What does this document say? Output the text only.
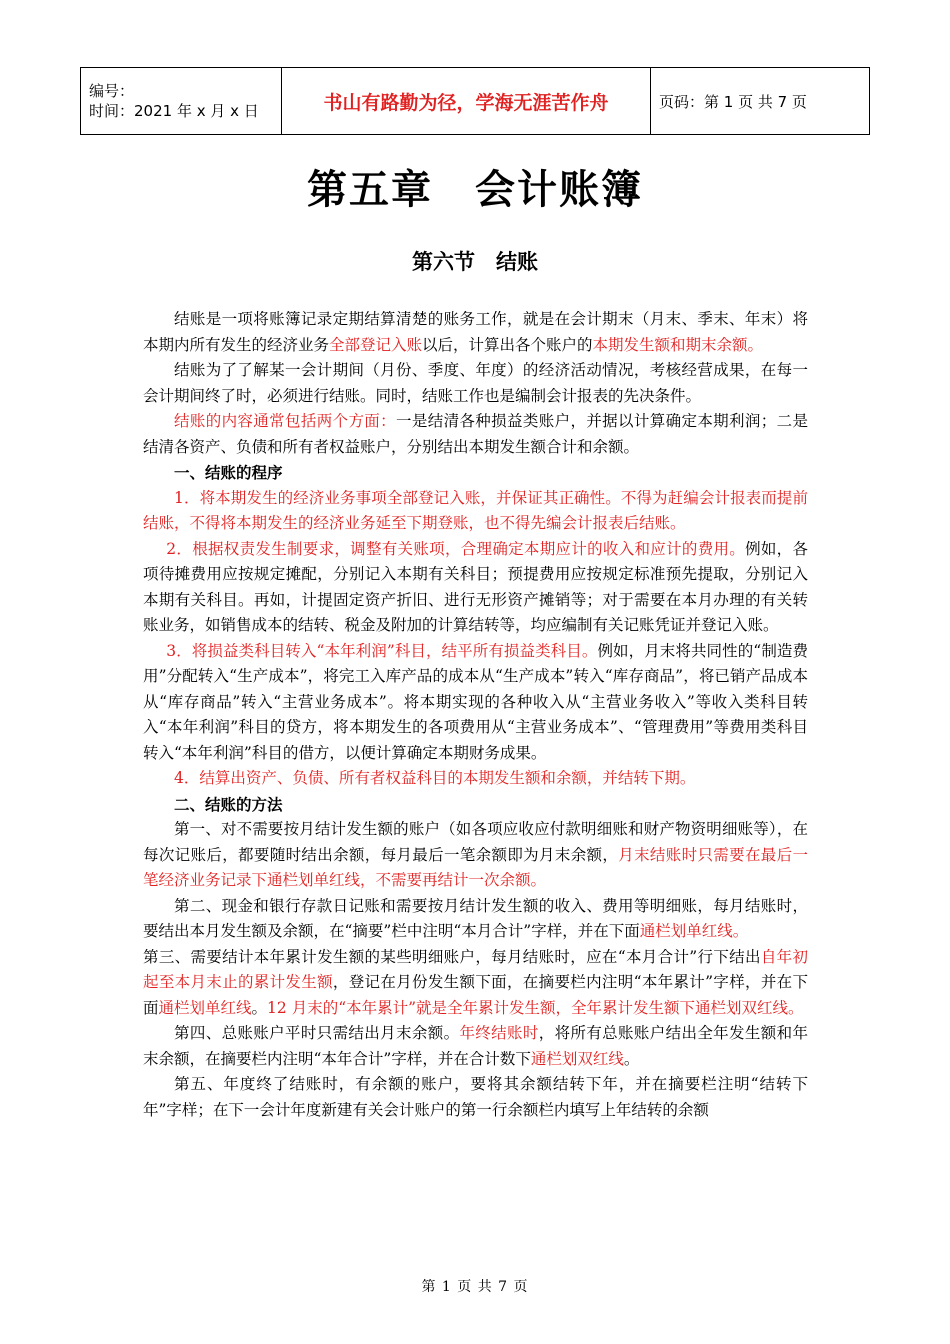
编号：
时间：2021 年 x 月 x 日	书山有路勤为径，学海无涯苦作舟	页码：第 1 页 共 7 页
第五章　会计账簿
第六节　结账

结账是一项将账簿记录定期结算清楚的账务工作，就是在会计期末（月末、季末、年末）将本期内所有发生的经济业务全部登记入账以后，计算出各个账户的本期发生额和期末余额。

结账为了了解某一会计期间（月份、季度、年度）的经济活动情况，考核经营成果，在每一会计期间终了时，必须进行结账。同时，结账工作也是编制会计报表的先决条件。

结账的内容通常包括两个方面：一是结清各种损益类账户，并据以计算确定本期利润；二是结清各资产、负债和所有者权益账户，分别结出本期发生额合计和余额。

一、结账的程序

1．将本期发生的经济业务事项全部登记入账，并保证其正确性。不得为赶编会计报表而提前结账，不得将本期发生的经济业务延至下期登账，也不得先编会计报表后结账。

2．根据权责发生制要求，调整有关账项，合理确定本期应计的收入和应计的费用。例如，各项待摊费用应按规定摊配，分别记入本期有关科目；预提费用应按规定标准预先提取，分别记入本期有关科目。再如，计提固定资产折旧、进行无形资产摊销等；对于需要在本月办理的有关转账业务，如销售成本的结转、税金及附加的计算结转等，均应编制有关记账凭证并登记入账。

3．将损益类科目转入“本年利润”科目，结平所有损益类科目。例如，月末将共同性的“制造费用”分配转入“生产成本”，将完工入库产品的成本从“生产成本”转入“库存商品”，将已销产品成本从“库存商品”转入“主营业务成本”。将本期实现的各种收入从“主营业务收入”等收入类科目转入“本年利润”科目的贷方，将本期发生的各项费用从“主营业务成本”、“管理费用”等费用类科目转入“本年利润”科目的借方，以便计算确定本期财务成果。

4．结算出资产、负债、所有者权益科目的本期发生额和余额，并结转下期。

二、结账的方法

第一、对不需要按月结计发生额的账户（如各项应收应付款明细账和财产物资明细账等），在每次记账后，都要随时结出余额，每月最后一笔余额即为月末余额，月末结账时只需要在最后一笔经济业务记录下通栏划单红线，不需要再结计一次余额。

第二、现金和银行存款日记账和需要按月结计发生额的收入、费用等明细账，每月结账时，要结出本月发生额及余额，在“摘要”栏中注明“本月合计”字样，并在下面通栏划单红线。

第三、需要结计本年累计发生额的某些明细账户，每月结账时，应在“本月合计”行下结出自年初起至本月末止的累计发生额，登记在月份发生额下面，在摘要栏内注明“本年累计”字样，并在下面通栏划单红线。12 月末的“本年累计”就是全年累计发生额，全年累计发生额下通栏划双红线。

第四、总账账户平时只需结出月末余额。年终结账时，将所有总账账户结出全年发生额和年末余额，在摘要栏内注明“本年合计”字样，并在合计数下通栏划双红线。

第五、年度终了结账时，有余额的账户，要将其余额结转下年，并在摘要栏注明“结转下年”字样；在下一会计年度新建有关会计账户的第一行余额栏内填写上年结转的余额

第 1 页 共 7 页
